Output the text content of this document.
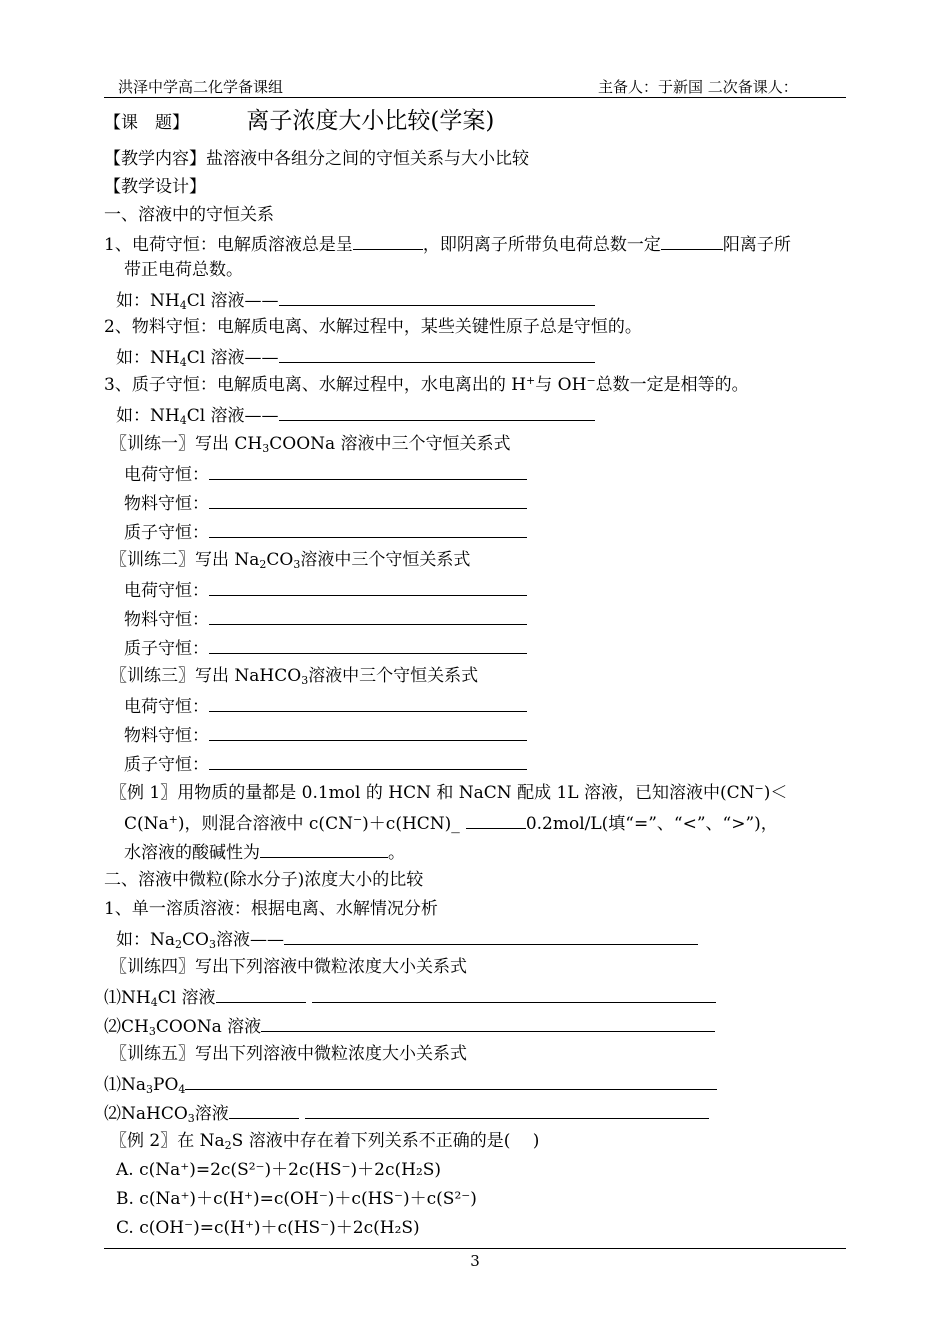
洪泽中学高二化学备课组	主备人：于新国 二次备课人：
【课　题】 离子浓度大小比较(学案)
【教学内容】盐溶液中各组分之间的守恒关系与大小比较
【教学设计】
一、溶液中的守恒关系
1、电荷守恒：电解质溶液总是呈	，即阴离子所带负电荷总数一定	阳离子所
带正电荷总数。
如：$NH_4Cl$ 溶液——
2、物料守恒：电解质电离、水解过程中，某些关键性原子总是守恒的。
如：$NH_4Cl$ 溶液——
3、质子守恒：电解质电离、水解过程中，水电离出的 H+与 OH−总数一定是相等的。
如：$NH_4Cl$ 溶液——
〖训练一〗写出 $CH_3COONa$ 溶液中三个守恒关系式
电荷守恒：
物料守恒：
质子守恒：
〖训练二〗写出 $Na_2CO_3$溶液中三个守恒关系式
电荷守恒：
物料守恒：
质子守恒：
〖训练三〗写出 NaHCO$_3$溶液中三个守恒关系式
电荷守恒：
物料守恒：
质子守恒：
〖例 1〗用物质的量都是 0.1mol 的 HCN 和 NaCN 配成 1L 溶液，已知溶液中(CN−)＜
C(Na+)，则混合溶液中 c(CN−)＋c(HCN)_	0.2mol/L(填“=”、“<”、“>”)，
水溶液的酸碱性为	。
二、溶液中微粒(除水分子)浓度大小的比较
1、单一溶质溶液：根据电离、水解情况分析
如：$Na_2CO_3$溶液——
〖训练四〗写出下列溶液中微粒浓度大小关系式
$⑴NH_4Cl$ 溶液
$⑵CH_3COONa$ 溶液
〖训练五〗写出下列溶液中微粒浓度大小关系式
$⑴Na_3PO_4$
⑵NaHCO$_3$溶液
〖例 2〗在 $Na_2S$ 溶液中存在着下列关系不正确的是(　 )
A. c(Na⁺)=2c(S²⁻)＋2c(HS⁻)＋2c(H₂S)
B. c(Na⁺)＋c(H⁺)=c(OH⁻)＋c(HS⁻)＋c(S²⁻)
C. c(OH⁻)=c(H⁺)＋c(HS⁻)＋2c(H₂S)
3
